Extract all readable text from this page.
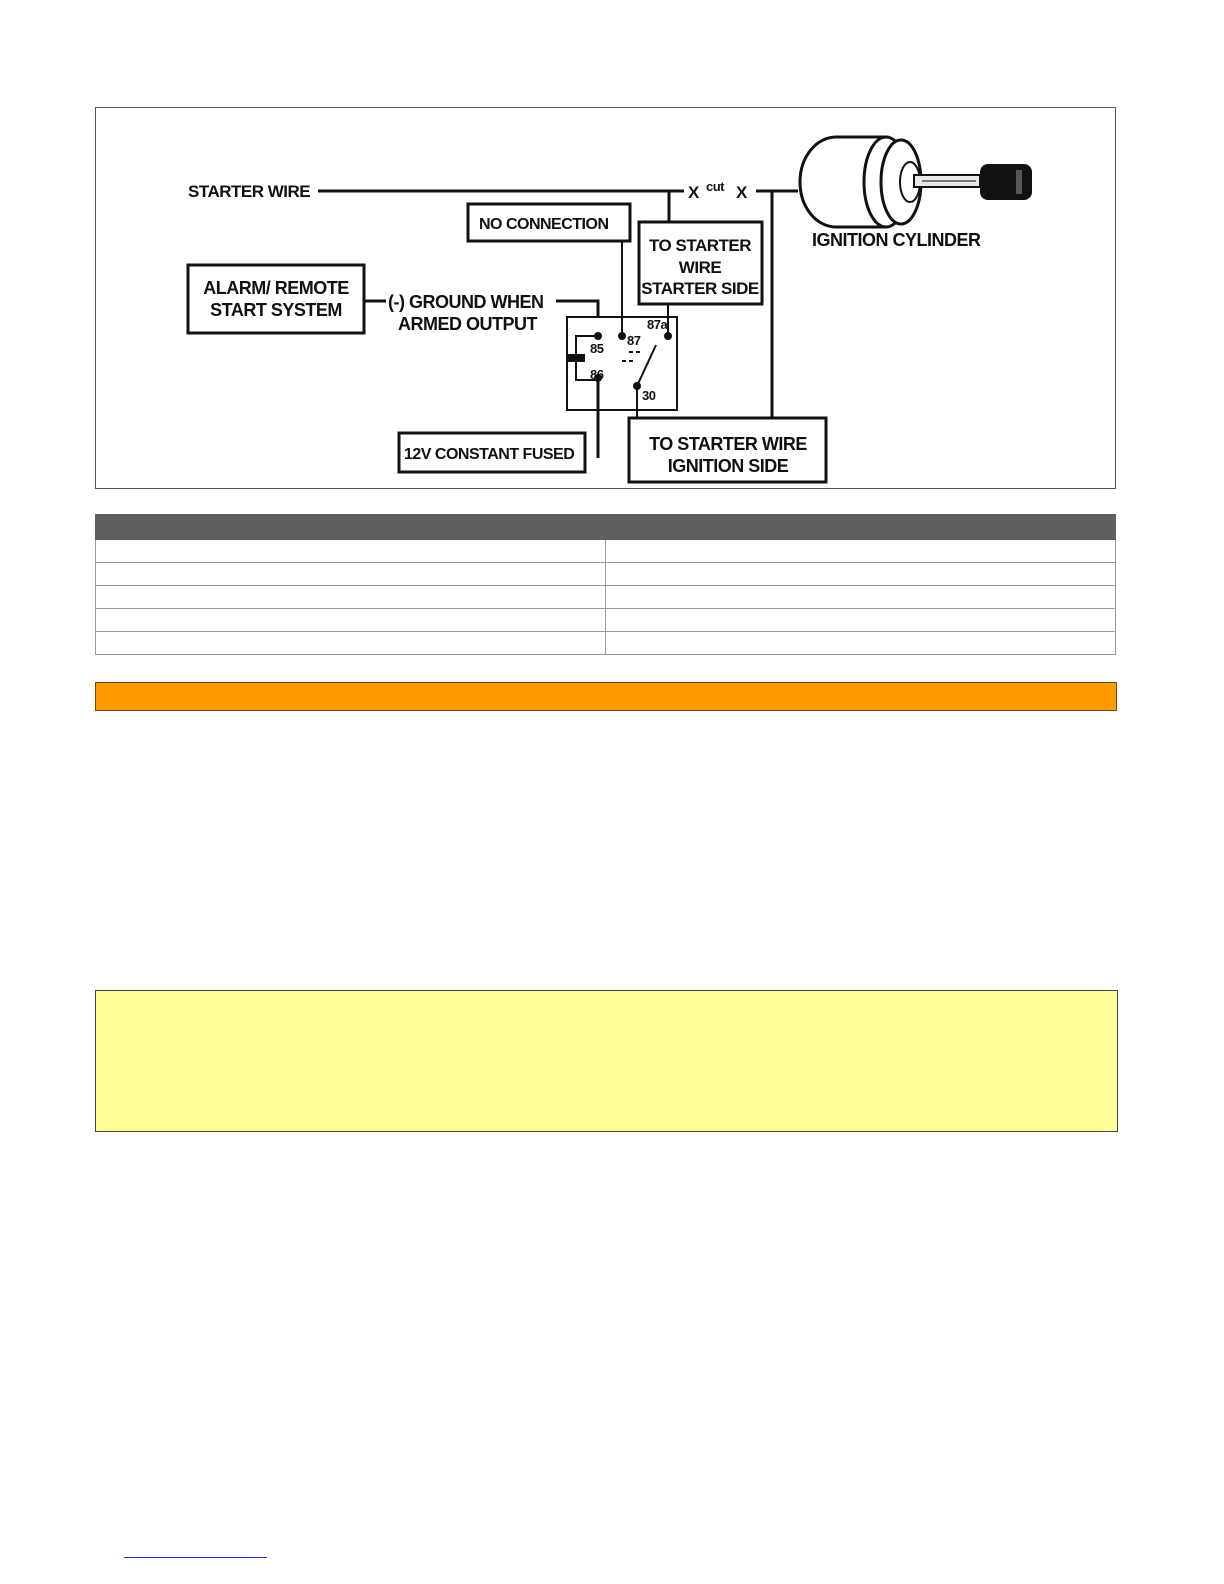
STARTER WIRE	X cut X
IGNITION CYLINDER
NO CONNECTION
TO STARTER
WIRE
STARTER SIDE
ALARM/ REMOTE
START SYSTEM	(-) GROUND WHEN
ARMED OUTPUT
85
86
87
87a
30
12V CONSTANT FUSED
TO STARTER WIRE
IGNITION SIDE
